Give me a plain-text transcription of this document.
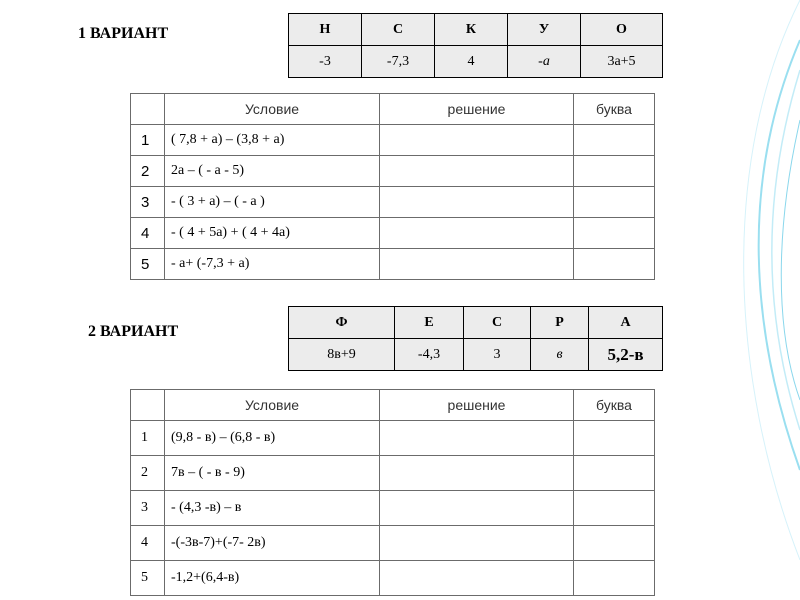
1 ВАРИАНТ	Н	С	К	У	О
-3	-7,3	4	-а	3а+5
	Условие	решение	буква
1	( 7,8 + а) – (3,8 + а)		
2	2а – ( - а - 5)		
3	- ( 3 + а) – ( - а )		
4	- ( 4 + 5а) + ( 4 + 4а)		
5	- а+ (-7,3 + а)		
2 ВАРИАНТ
Ф	Е	С	Р	А
8в+9	-4,3	3	в	5,2-в
	Условие	решение	буква
1	(9,8 - в) – (6,8 - в)		
2	7в – ( - в - 9)		
3	- (4,3 -в) – в		
4	-(-3в-7)+(-7- 2в)		
5	-1,2+(6,4-в)		
